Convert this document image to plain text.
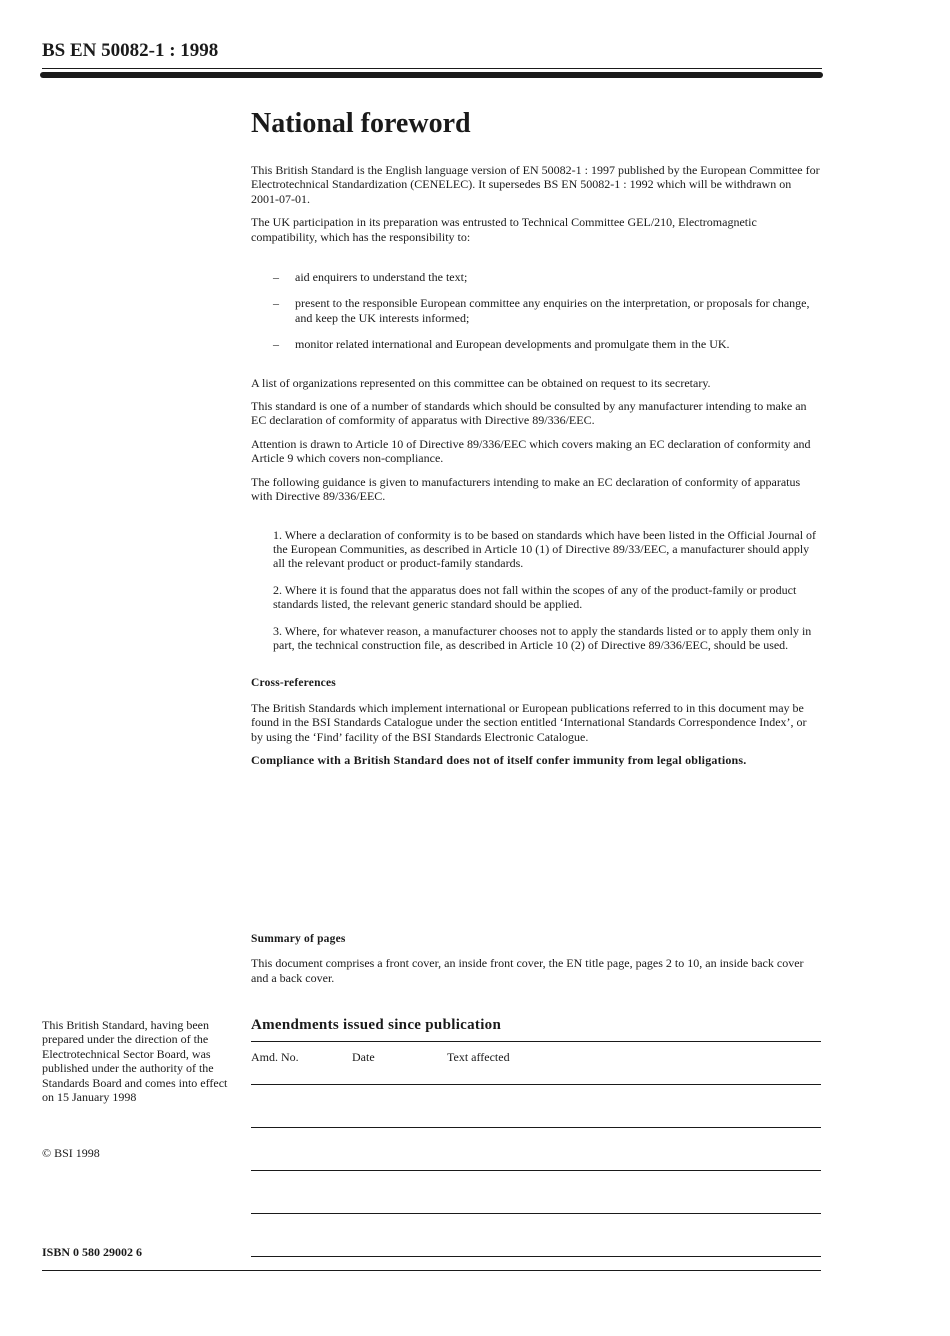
BS EN 50082-1 : 1998
National foreword

This British Standard is the English language version of EN 50082-1 : 1997 published by the European Committee for Electrotechnical Standardization (CENELEC). It supersedes BS EN 50082-1 : 1992 which will be withdrawn on 2001-07-01.

The UK participation in its preparation was entrusted to Technical Committee GEL/210, Electromagnetic compatibility, which has the responsibility to:

– aid enquirers to understand the text;
– present to the responsible European committee any enquiries on the interpretation, or proposals for change, and keep the UK interests informed;
– monitor related international and European developments and promulgate them in the UK.

A list of organizations represented on this committee can be obtained on request to its secretary.

This standard is one of a number of standards which should be consulted by any manufacturer intending to make an EC declaration of comformity of apparatus with Directive 89/336/EEC.

Attention is drawn to Article 10 of Directive 89/336/EEC which covers making an EC declaration of conformity and Article 9 which covers non-compliance.

The following guidance is given to manufacturers intending to make an EC declaration of conformity of apparatus with Directive 89/336/EEC.

1. Where a declaration of conformity is to be based on standards which have been listed in the Official Journal of the European Communities, as described in Article 10 (1) of Directive 89/33/EEC, a manufacturer should apply all the relevant product or product-family standards.
2. Where it is found that the apparatus does not fall within the scopes of any of the product-family or product standards listed, the relevant generic standard should be applied.
3. Where, for whatever reason, a manufacturer chooses not to apply the standards listed or to apply them only in part, the technical construction file, as described in Article 10 (2) of Directive 89/336/EEC, should be used.
Cross-references

The British Standards which implement international or European publications referred to in this document may be found in the BSI Standards Catalogue under the section entitled ‘International Standards Correspondence Index’, or by using the ‘Find’ facility of the BSI Standards Electronic Catalogue.

Compliance with a British Standard does not of itself confer immunity from legal obligations.

Summary of pages

This document comprises a front cover, an inside front cover, the EN title page, pages 2 to 10, an inside back cover and a back cover.

This British Standard, having been prepared under the direction of the Electrotechnical Sector Board, was published under the authority of the Standards Board and comes into effect on 15 January 1998
© BSI 1998
ISBN 0 580 29002 6
Amendments issued since publication
Amd. No.	Date	Text affected
